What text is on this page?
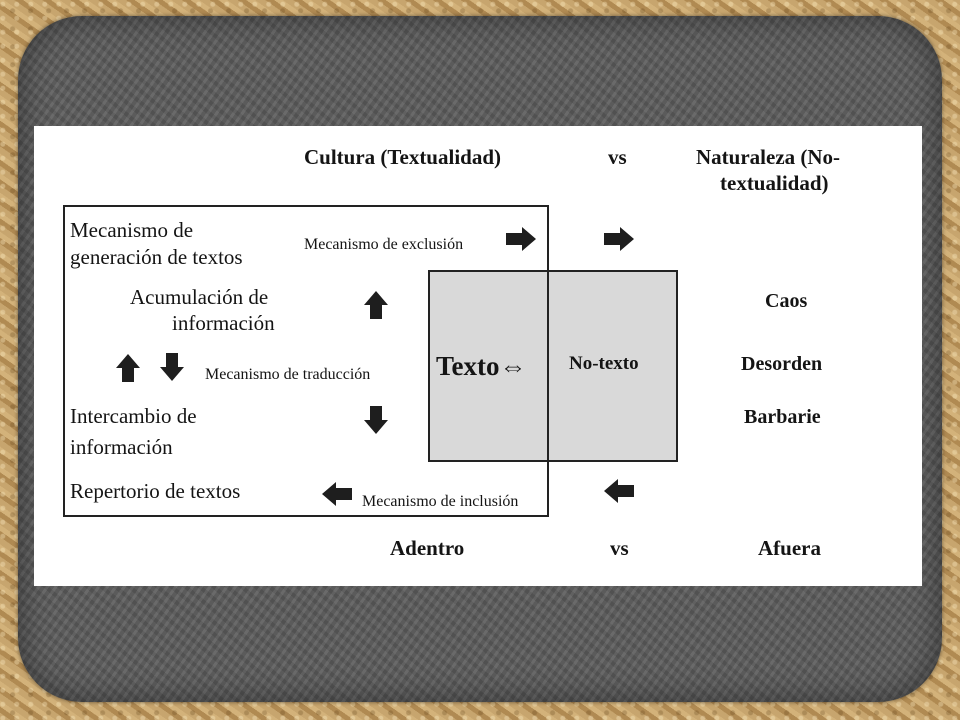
Cultura (Textualidad)	vs	Naturaleza (No-
textualidad)
Mecanismo de
generación de textos
Acumulación de
información
Intercambio de
información
Repertorio de textos
Mecanismo de exclusión
Mecanismo de traducción
Mecanismo de inclusión
Texto⇔ No-texto
Caos
Desorden
Barbarie
Adentro	vs	Afuera
